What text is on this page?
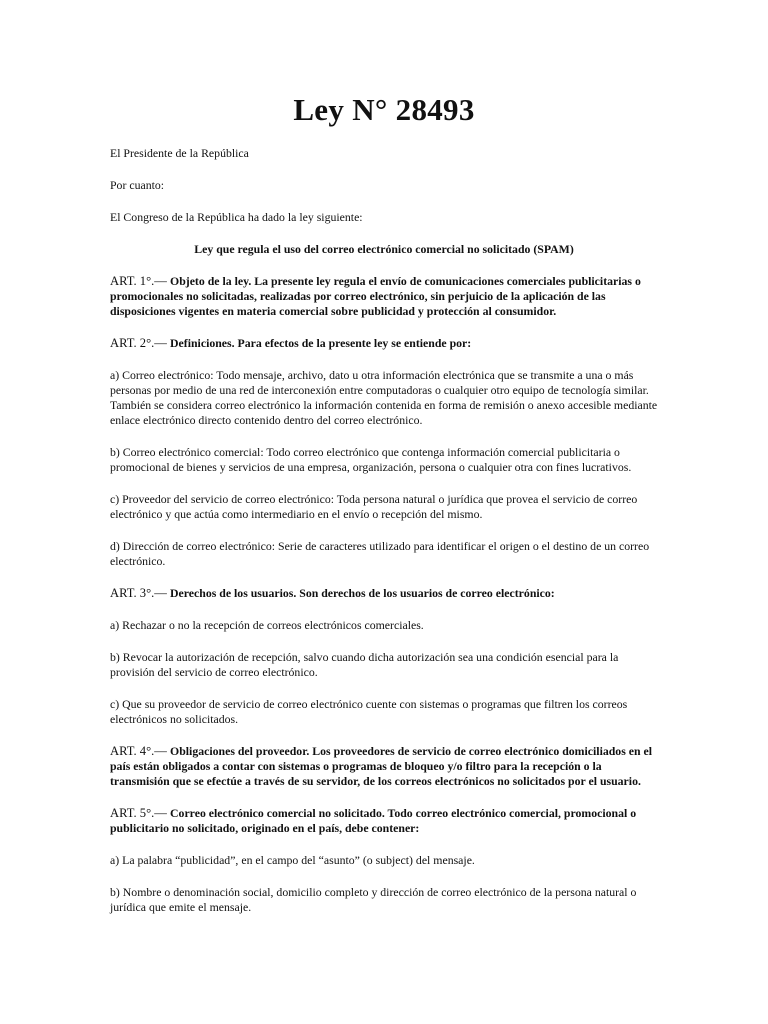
Ley N° 28493

El Presidente de la República

Por cuanto:

El Congreso de la República ha dado la ley siguiente:

Ley que regula el uso del correo electrónico comercial no solicitado (SPAM)

ART. 1°.— Objeto de la ley. La presente ley regula el envío de comunicaciones comerciales publicitarias o promocionales no solicitadas, realizadas por correo electrónico, sin perjuicio de la aplicación de las disposiciones vigentes en materia comercial sobre publicidad y protección al consumidor.

ART. 2°.— Definiciones. Para efectos de la presente ley se entiende por:

a) Correo electrónico: Todo mensaje, archivo, dato u otra información electrónica que se transmite a una o más personas por medio de una red de interconexión entre computadoras o cualquier otro equipo de tecnología similar. También se considera correo electrónico la información contenida en forma de remisión o anexo accesible mediante enlace electrónico directo contenido dentro del correo electrónico.

b) Correo electrónico comercial: Todo correo electrónico que contenga información comercial publicitaria o promocional de bienes y servicios de una empresa, organización, persona o cualquier otra con fines lucrativos.

c) Proveedor del servicio de correo electrónico: Toda persona natural o jurídica que provea el servicio de correo electrónico y que actúa como intermediario en el envío o recepción del mismo.

d) Dirección de correo electrónico: Serie de caracteres utilizado para identificar el origen o el destino de un correo electrónico.

ART. 3°.— Derechos de los usuarios. Son derechos de los usuarios de correo electrónico:

a) Rechazar o no la recepción de correos electrónicos comerciales.

b) Revocar la autorización de recepción, salvo cuando dicha autorización sea una condición esencial para la provisión del servicio de correo electrónico.

c) Que su proveedor de servicio de correo electrónico cuente con sistemas o programas que filtren los correos electrónicos no solicitados.

ART. 4°.— Obligaciones del proveedor. Los proveedores de servicio de correo electrónico domiciliados en el país están obligados a contar con sistemas o programas de bloqueo y/o filtro para la recepción o la transmisión que se efectúe a través de su servidor, de los correos electrónicos no solicitados por el usuario.

ART. 5°.— Correo electrónico comercial no solicitado. Todo correo electrónico comercial, promocional o publicitario no solicitado, originado en el país, debe contener:

a) La palabra “publicidad”, en el campo del “asunto” (o subject) del mensaje.

b) Nombre o denominación social, domicilio completo y dirección de correo electrónico de la persona natural o jurídica que emite el mensaje.
